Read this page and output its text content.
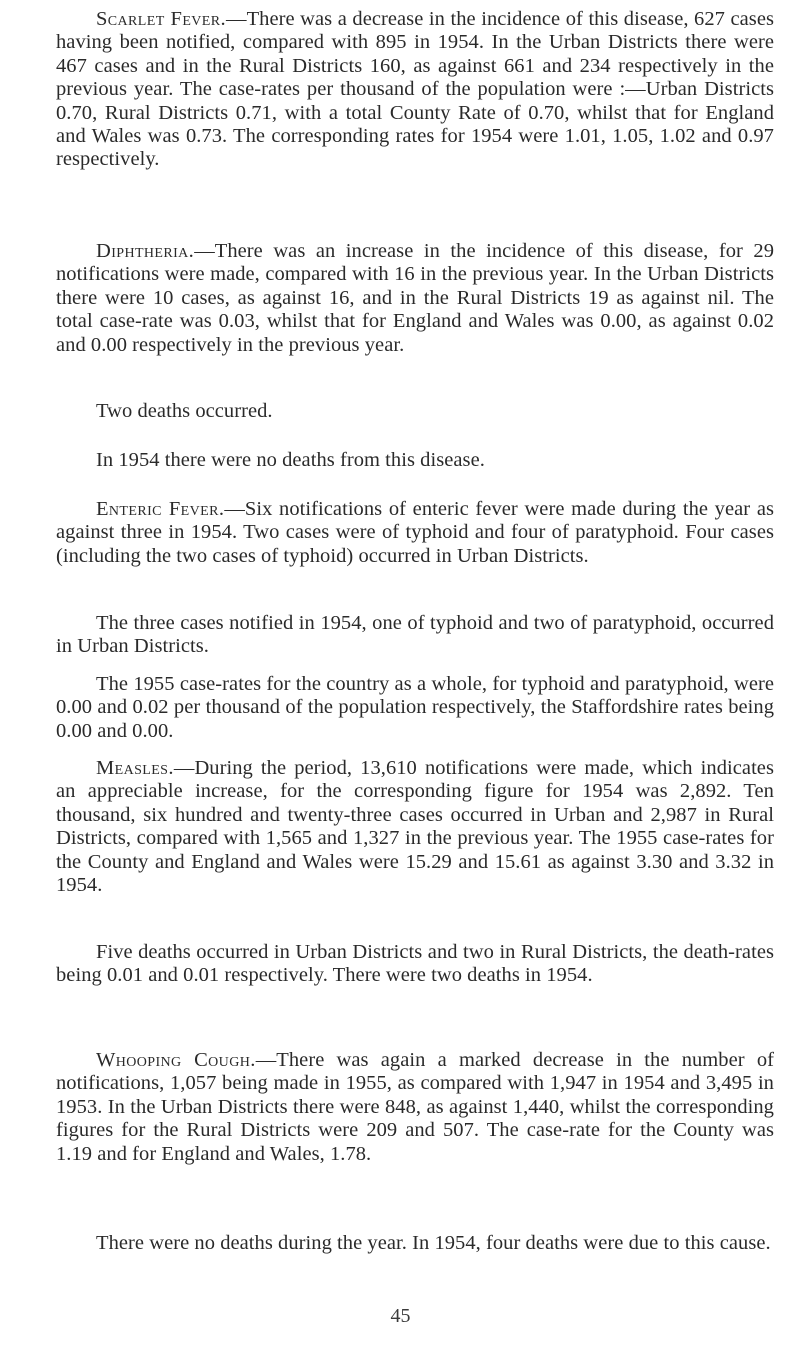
Scarlet Fever.—There was a decrease in the incidence of this disease, 627 cases having been notified, compared with 895 in 1954. In the Urban Districts there were 467 cases and in the Rural Districts 160, as against 661 and 234 respectively in the previous year. The case-rates per thousand of the population were :—Urban Districts 0.70, Rural Districts 0.71, with a total County Rate of 0.70, whilst that for England and Wales was 0.73. The corresponding rates for 1954 were 1.01, 1.05, 1.02 and 0.97 respectively.

Diphtheria.—There was an increase in the incidence of this disease, for 29 notifications were made, compared with 16 in the previous year. In the Urban Districts there were 10 cases, as against 16, and in the Rural Districts 19 as against nil. The total case-rate was 0.03, whilst that for England and Wales was 0.00, as against 0.02 and 0.00 respectively in the previous year.

Two deaths occurred.

In 1954 there were no deaths from this disease.

Enteric Fever.—Six notifications of enteric fever were made during the year as against three in 1954. Two cases were of typhoid and four of paratyphoid. Four cases (including the two cases of typhoid) occurred in Urban Districts.

The three cases notified in 1954, one of typhoid and two of paratyphoid, occurred in Urban Districts.

The 1955 case-rates for the country as a whole, for typhoid and paratyphoid, were 0.00 and 0.02 per thousand of the population respectively, the Staffordshire rates being 0.00 and 0.00.

Measles.—During the period, 13,610 notifications were made, which indicates an appreciable increase, for the corresponding figure for 1954 was 2,892. Ten thousand, six hundred and twenty-three cases occurred in Urban and 2,987 in Rural Districts, compared with 1,565 and 1,327 in the previous year. The 1955 case-rates for the County and England and Wales were 15.29 and 15.61 as against 3.30 and 3.32 in 1954.

Five deaths occurred in Urban Districts and two in Rural Districts, the death-rates being 0.01 and 0.01 respectively. There were two deaths in 1954.

Whooping Cough.—There was again a marked decrease in the number of notifications, 1,057 being made in 1955, as compared with 1,947 in 1954 and 3,495 in 1953. In the Urban Districts there were 848, as against 1,440, whilst the corresponding figures for the Rural Districts were 209 and 507. The case-rate for the County was 1.19 and for England and Wales, 1.78.

There were no deaths during the year. In 1954, four deaths were due to this cause.

45
